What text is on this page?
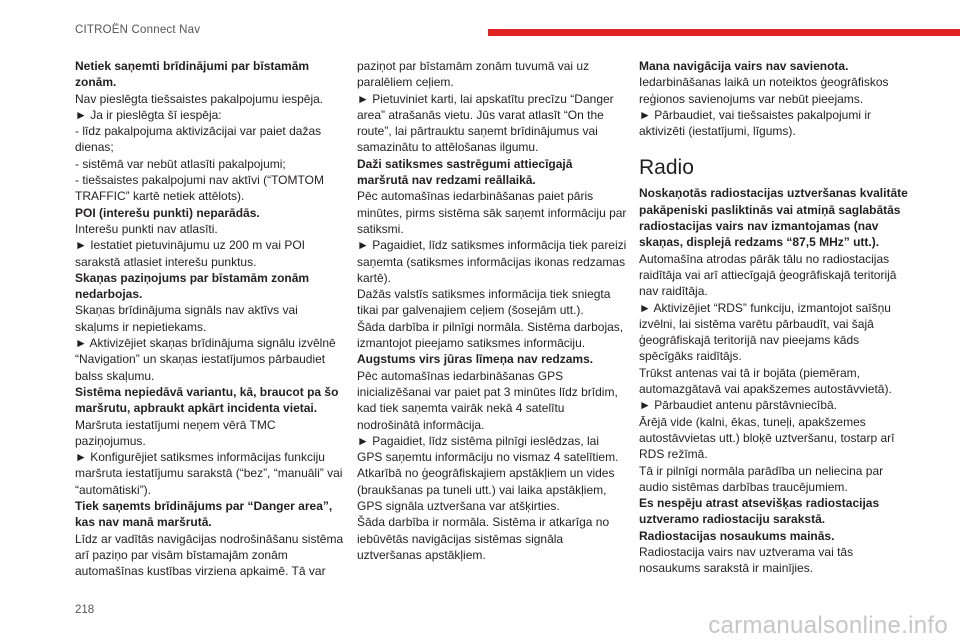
CITROËN Connect Nav

Netiek saņemti brīdinājumi par bīstamām zonām.

Nav pieslēgta tiešsaistes pakalpojumu iespēja.

► Ja ir pieslēgta šī iespēja:

- līdz pakalpojuma aktivizācijai var paiet dažas dienas;

- sistēmā var nebūt atlasīti pakalpojumi;

- tiešsaistes pakalpojumi nav aktīvi (“TOMTOM TRAFFIC” kartē netiek attēlots).

POI (interešu punkti) neparādās.

Interešu punkti nav atlasīti.

► Iestatiet pietuvinājumu uz 200 m vai POI sarakstā atlasiet interešu punktus.

Skaņas paziņojums par bīstamām zonām nedarbojas.

Skaņas brīdinājuma signāls nav aktīvs vai skaļums ir nepietiekams.

► Aktivizējiet skaņas brīdinājuma signālu izvēlnē “Navigation” un skaņas iestatījumos pārbaudiet balss skaļumu.

Sistēma nepiedāvā variantu, kā, braucot pa šo maršrutu, apbraukt apkārt incidenta vietai.

Maršruta iestatījumi neņem vērā TMC paziņojumus.

► Konfigurējiet satiksmes informācijas funkciju maršruta iestatījumu sarakstā (“bez”, “manuāli” vai “automātiski”).

Tiek saņemts brīdinājums par “Danger area”, kas nav manā maršrutā.

Līdz ar vadītās navigācijas nodrošināšanu sistēma arī paziņo par visām bīstamajām zonām automašīnas kustības virziena apkaimē. Tā var

paziņot par bīstamām zonām tuvumā vai uz paralēliem ceļiem.

► Pietuviniet karti, lai apskatītu precīzu “Danger area” atrašanās vietu. Jūs varat atlasīt “On the route”, lai pārtrauktu saņemt brīdinājumus vai samazinātu to attēlošanas ilgumu.

Daži satiksmes sastrēgumi attiecīgajā maršrutā nav redzami reāllaikā.

Pēc automašīnas iedarbināšanas paiet pāris minūtes, pirms sistēma sāk saņemt informāciju par satiksmi.

► Pagaidiet, līdz satiksmes informācija tiek pareizi saņemta (satiksmes informācijas ikonas redzamas kartē).

Dažās valstīs satiksmes informācija tiek sniegta tikai par galvenajiem ceļiem (šosejām utt.).

Šāda darbība ir pilnīgi normāla. Sistēma darbojas, izmantojot pieejamo satiksmes informāciju.

Augstums virs jūras līmeņa nav redzams.

Pēc automašīnas iedarbināšanas GPS inicializēšanai var paiet pat 3 minūtes līdz brīdim, kad tiek saņemta vairāk nekā 4 satelītu nodrošinātā informācija.

► Pagaidiet, līdz sistēma pilnīgi ieslēdzas, lai GPS saņemtu informāciju no vismaz 4 satelītiem.

Atkarībā no ģeogrāfiskajiem apstākļiem un vides (braukšanas pa tuneli utt.) vai laika apstākļiem, GPS signāla uztveršana var atšķirties.

Šāda darbība ir normāla. Sistēma ir atkarīga no iebūvētās navigācijas sistēmas signāla uztveršanas apstākļiem.

Mana navigācija vairs nav savienota.

Iedarbināšanas laikā un noteiktos ģeogrāfiskos reģionos savienojums var nebūt pieejams.

► Pārbaudiet, vai tiešsaistes pakalpojumi ir aktivizēti (iestatījumi, līgums).

Radio

Noskaņotās radiostacijas uztveršanas kvalitāte pakāpeniski pasliktinās vai atmiņā saglabātās radiostacijas vairs nav izmantojamas (nav skaņas, displejā redzams “87,5 MHz” utt.).

Automašīna atrodas pārāk tālu no radiostacijas raidītāja vai arī attiecīgajā ģeogrāfiskajā teritorijā nav raidītāja.

► Aktivizējiet “RDS” funkciju, izmantojot saīšņu izvēlni, lai sistēma varētu pārbaudīt, vai šajā ģeogrāfiskajā teritorijā nav pieejams kāds spēcīgāks raidītājs.

Trūkst antenas vai tā ir bojāta (piemēram, automazgātavā vai apakšzemes autostāvvietā).

► Pārbaudiet antenu pārstāvniecībā.

Ārējā vide (kalni, ēkas, tuneļi, apakšzemes autostāvvietas utt.) bloķē uztveršanu, tostarp arī RDS režīmā.

Tā ir pilnīgi normāla parādība un neliecina par audio sistēmas darbības traucējumiem.

Es nespēju atrast atsevišķas radiostacijas uztveramo radiostaciju sarakstā.

Radiostacijas nosaukums mainās.

Radiostacija vairs nav uztverama vai tās nosaukums sarakstā ir mainījies.

218
carmanualsonline.info
